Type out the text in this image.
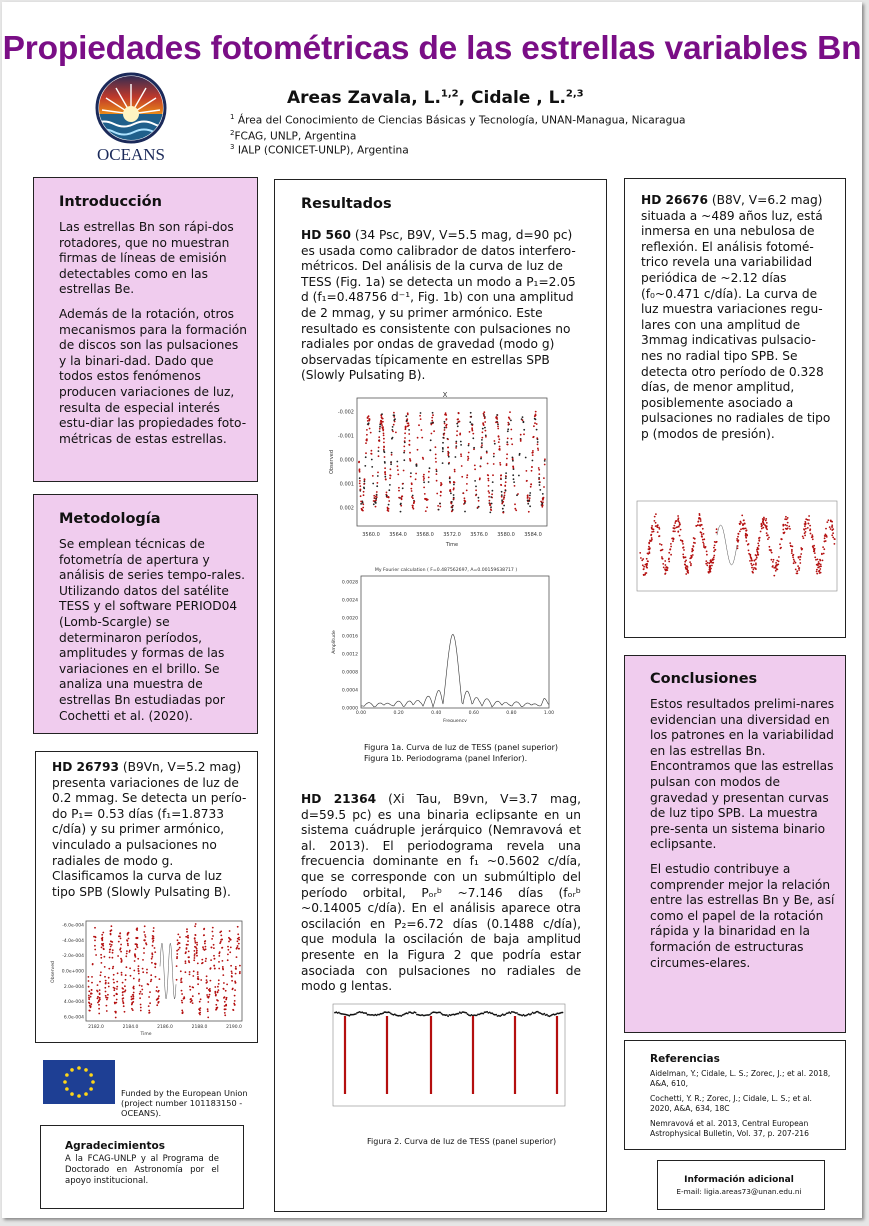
Propiedades fotométricas de las estrellas variables Bn
OCEANS
Areas Zavala, L.$^{1,2}$, Cidale , L.$^{2,3}$
$^1$ Área del Conocimiento de Ciencias Básicas y Tecnología, UNAN-Managua, Nicaragua
$^2$FCAG, UNLP, Argentina
$^3$ IALP (CONICET-UNLP), Argentina
Introducción

Las estrellas Bn son rápi-dos rotadores, que no muestran firmas de líneas de emisión detectables como en las estrellas Be.

Además de la rotación, otros mecanismos para la formación de discos son las pulsaciones y la binari-dad. Dado que todos estos fenómenos producen variaciones de luz, resulta de especial interés estu-diar las propiedades foto-métricas de estas estrellas.

Metodología

Se emplean técnicas de fotometría de apertura y análisis de series tempo-rales. Utilizando datos del satélite TESS y el software PERIOD04 (Lomb-Scargle) se determinaron períodos, amplitudes y formas de las variaciones en el brillo. Se analiza una muestra de estrellas Bn estudiadas por Cochetti et al. (2020).

HD 26793 (B9Vn, V=5.2 mag) presenta variaciones de luz de 0.2 mmag. Se detecta un perío-do P₁= 0.53 días (f₁=1.8733 c/día) y su primer armónico, vinculado a pulsaciones no radiales de modo g. Clasificamos la curva de luz tipo SPB (Slowly Pulsating B).

-6.0e-004
-4.0e-004
-2.0e-004
0.0e+000
2.0e-004
4.0e-004
6.0e-004
2182.0	2184.0	2186.0	2188.0	2190.0
Time
Observed
Funded by the European Union
(project number 101183150 - OCEANS).
Agradecimientos

A la FCAG-UNLP y al Programa de Doctorado en Astronomía por el apoyo institucional.

Resultados

HD 560 (34 Psc, B9V, V=5.5 mag, d=90 pc) es usada como calibrador de datos interfero-métricos. Del análisis de la curva de luz de TESS (Fig. 1a) se detecta un modo a P₁=2.05 d (f₁=0.48756 d⁻¹, Fig. 1b) con una amplitud de 2 mmag, y su primer armónico. Este resultado es consistente con pulsaciones no radiales por ondas de gravedad (modo g) observadas típicamente en estrellas SPB (Slowly Pulsating B).

X
-0.002
-0.001
0.000
0.001
0.002
3560.0 3564.0 3568.0 3572.0 3576.0 3580.0 3584.0
Time
Observed
My Fourier calculation ( F=0.487562697, A=0.00159638717 )
0.0028
0.0024
0.0020
0.0016
0.0012
0.0008
0.0004
0.0000
0.00	0.20	0.40	0.60	0.80	1.00
Frequency
Amplitude
Figura 1a. Curva de luz de TESS (panel superior)
Figura 1b. Periodograma (panel Inferior).

HD 21364 (Xi Tau, B9vn, V=3.7 mag, d=59.5 pc) es una binaria eclipsante en un sistema cuádruple jerárquico (Nemravová et al. 2013). El periodograma revela una frecuencia dominante en f₁ ~0.5602 c/día, que se corresponde con un submúltiplo del período orbital, Pₒᵣᵇ ~7.146 días (fₒᵣᵇ ~0.14005 c/día). En el análisis aparece otra oscilación en P₂=6.72 días (0.1488 c/día), que modula la oscilación de baja amplitud presente en la Figura 2 que podría estar asociada con pulsaciones no radiales de modo g lentas.

Figura 2. Curva de luz de TESS (panel superior)

HD 26676 (B8V, V=6.2 mag) situada a ~489 años luz, está inmersa en una nebulosa de reflexión. El análisis fotomé-trico revela una variabilidad periódica de ~2.12 días (f₀~0.471 c/día). La curva de luz muestra variaciones regu-lares con una amplitud de 3mmag indicativas pulsacio-nes no radial tipo SPB. Se detecta otro período de 0.328 días, de menor amplitud, posiblemente asociado a pulsaciones no radiales de tipo p (modos de presión).

Conclusiones

Estos resultados prelimi-nares evidencian una diversidad en los patrones en la variabilidad en las estrellas Bn. Encontramos que las estrellas pulsan con modos de gravedad y presentan curvas de luz tipo SPB. La muestra pre-senta un sistema binario eclipsante.

El estudio contribuye a comprender mejor la relación entre las estrellas Bn y Be, así como el papel de la rotación rápida y la binaridad en la formación de estructuras circumes-elares.

Referencias
Aidelman, Y.; Cidale, L. S.; Zorec, J.; et al. 2018, A&A, 610,
Cochetti, Y. R.; Zorec, J.; Cidale, L. S.; et al. 2020, A&A, 634, 18C
Nemravová et al. 2013, Central European Astrophysical Bulletin, Vol. 37, p. 207-216
Información adicional
E-mail: ligia.areas73@unan.edu.ni
